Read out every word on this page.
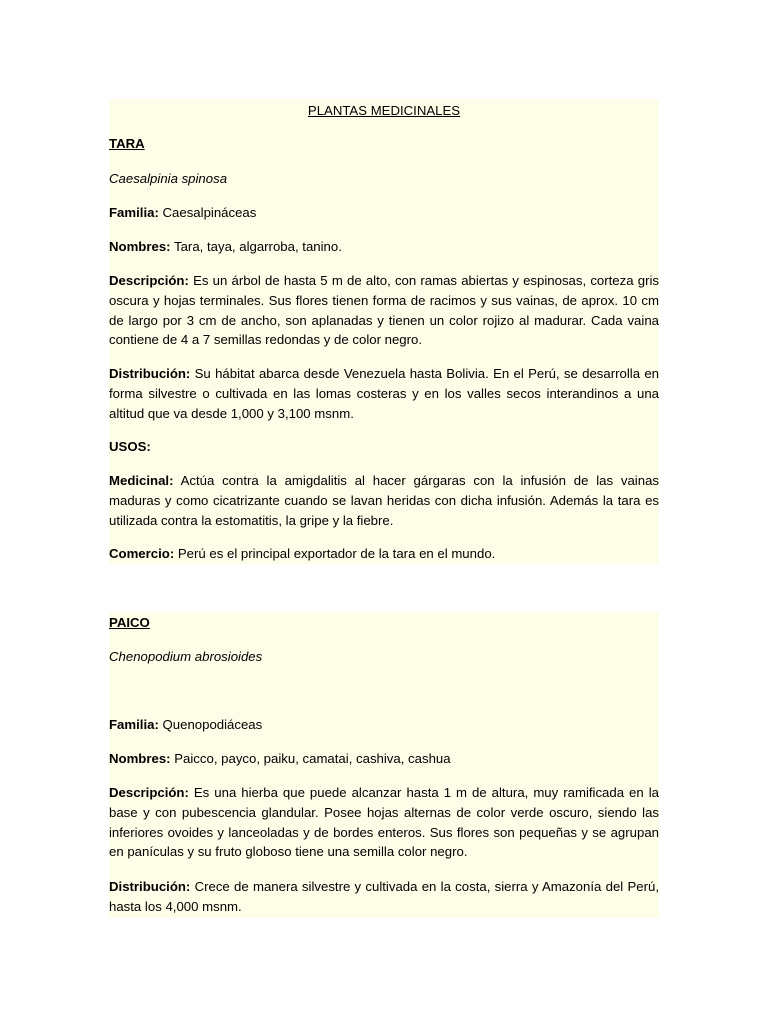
PLANTAS MEDICINALES
TARA
Caesalpinia spinosa
Familia: Caesalpináceas
Nombres: Tara, taya, algarroba, tanino.
Descripción: Es un árbol de hasta 5 m de alto, con ramas abiertas y espinosas, corteza gris oscura y hojas terminales. Sus flores tienen forma de racimos y sus vainas, de aprox. 10 cm de largo por 3 cm de ancho, son aplanadas y tienen un color rojizo al madurar. Cada vaina contiene de 4 a 7 semillas redondas y de color negro.
Distribución: Su hábitat abarca desde Venezuela hasta Bolivia. En el Perú, se desarrolla en forma silvestre o cultivada en las lomas costeras y en los valles secos interandinos a una altitud que va desde 1,000 y 3,100 msnm.
USOS:
Medicinal: Actúa contra la amigdalitis al hacer gárgaras con la infusión de las vainas maduras y como cicatrizante cuando se lavan heridas con dicha infusión. Además la tara es utilizada contra la estomatitis, la gripe y la fiebre.
Comercio: Perú es el principal exportador de la tara en el mundo.
PAICO
Chenopodium abrosioides
Familia: Quenopodiáceas
Nombres: Paicco, payco, paiku, camatai, cashiva, cashua
Descripción: Es una hierba que puede alcanzar hasta 1 m de altura, muy ramificada en la base y con pubescencia glandular. Posee hojas alternas de color verde oscuro, siendo las inferiores ovoides y lanceoladas y de bordes enteros. Sus flores son pequeñas y se agrupan en panículas y su fruto globoso tiene una semilla color negro.
Distribución: Crece de manera silvestre y cultivada en la costa, sierra y Amazonía del Perú, hasta los 4,000 msnm.
